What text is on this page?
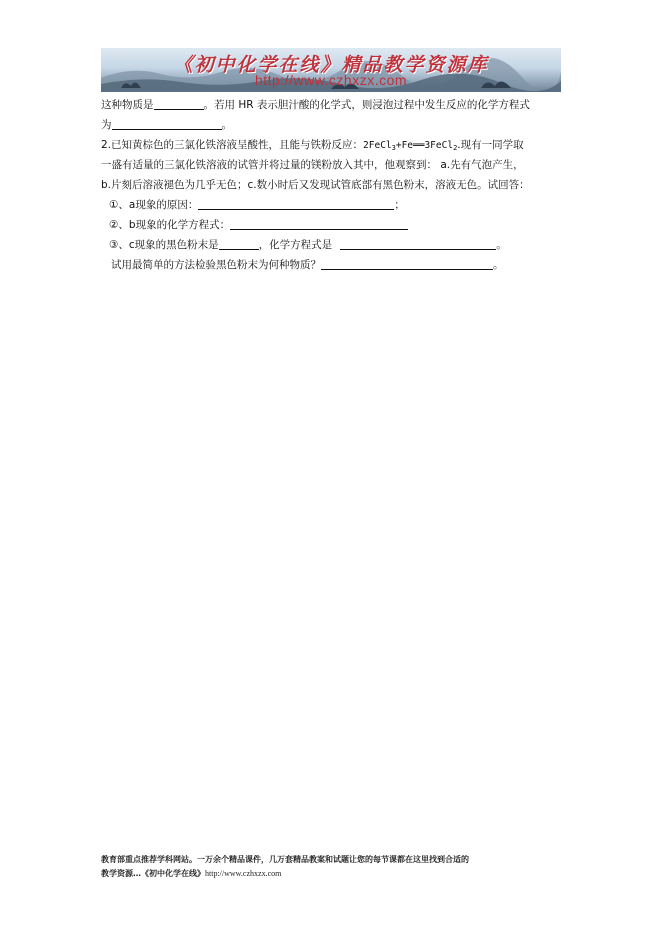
《初中化学在线》精品教学资源库
http://www.czhxzx.com
这种物质是	。若用 HR 表示胆汁酸的化学式，则浸泡过程中发生反应的化学方程式
为	。
2.已知黄棕色的三氯化铁溶液呈酸性，且能与铁粉反应：2FeCl$_3$+Fe══3FeCl$_2$.现有一同学取
一盛有适量的三氯化铁溶液的试管并将过量的镁粉放入其中，他观察到： a.先有气泡产生，
b.片刻后溶液褪色为几乎无色；c.数小时后又发现试管底部有黑色粉末，溶液无色。试回答：
①、a现象的原因：	；
②、b现象的化学方程式：
③、c现象的黑色粉末是	，化学方程式是	。
试用最简单的方法检验黑色粉末为何种物质？	。
教育部重点推荐学科网站。一万余个精品课件，几万套精品教案和试题让您的每节课都在这里找到合适的
教学资源…《初中化学在线》http://www.czhxzx.com
